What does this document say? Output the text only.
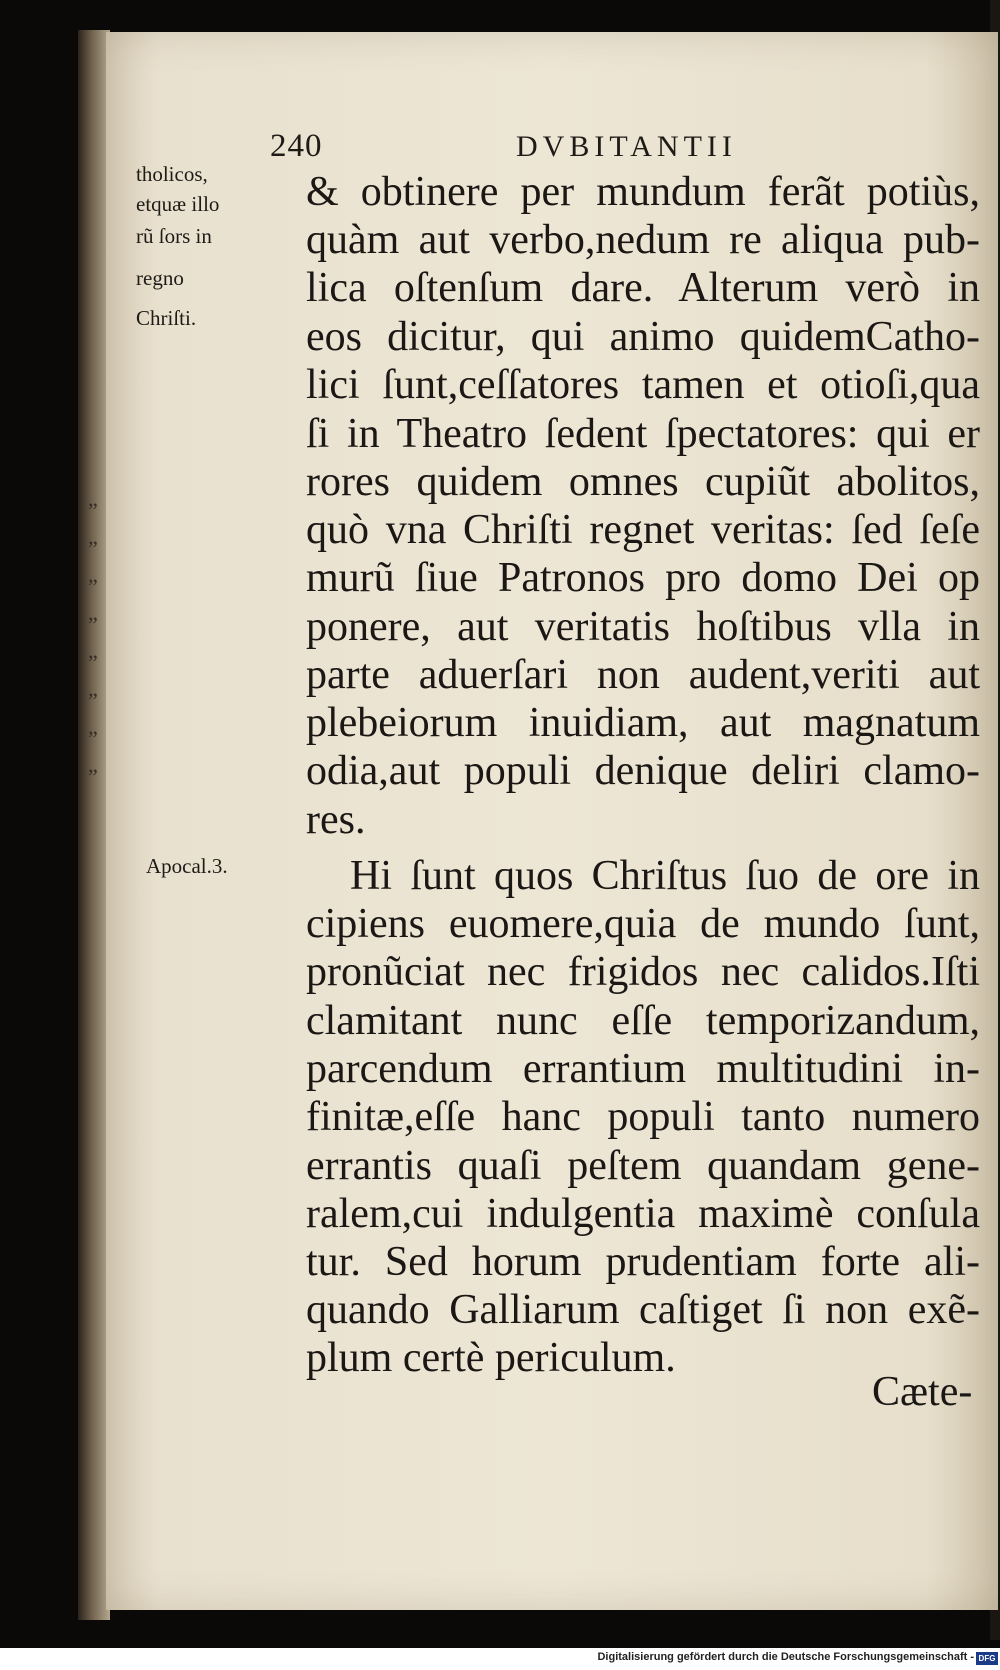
„
„
„
„
„
„
„
„
240	DVBITANTII
tholicos,
etquæ illo
rũ ſors in
regno
Chriſti.
Apocal.3.
& obtinere per mundum ferãt potiùs,
quàm aut verbo,nedum re aliqua pub-
lica oſtenſum dare. Alterum verò in
eos dicitur, qui animo quidemCatho-
lici ſunt,ceſſatores tamen et otioſi,qua
ſi in Theatro ſedent ſpectatores: qui er
rores quidem omnes cupiũt abolitos,
quò vna Chriſti regnet veritas: ſed ſeſe
murũ ſiue Patronos pro domo Dei op
ponere, aut veritatis hoſtibus vlla in
parte aduerſari non audent,veriti aut
plebeiorum inuidiam, aut magnatum
odia,aut populi denique deliri clamo-
res.
Hi ſunt quos Chriſtus ſuo de ore in
cipiens euomere,quia de mundo ſunt,
pronũciat nec frigidos nec calidos.Iſti
clamitant nunc eſſe temporizandum,
parcendum errantium multitudini in-
finitæ,eſſe hanc populi tanto numero
errantis quaſi peſtem quandam gene-
ralem,cui indulgentia maximè conſula
tur. Sed horum prudentiam forte ali-
quando Galliarum caſtiget ſi non exẽ-
plum certè periculum.
Cæte-
Digitalisierung gefördert durch die Deutsche Forschungsgemeinschaft - DFG
